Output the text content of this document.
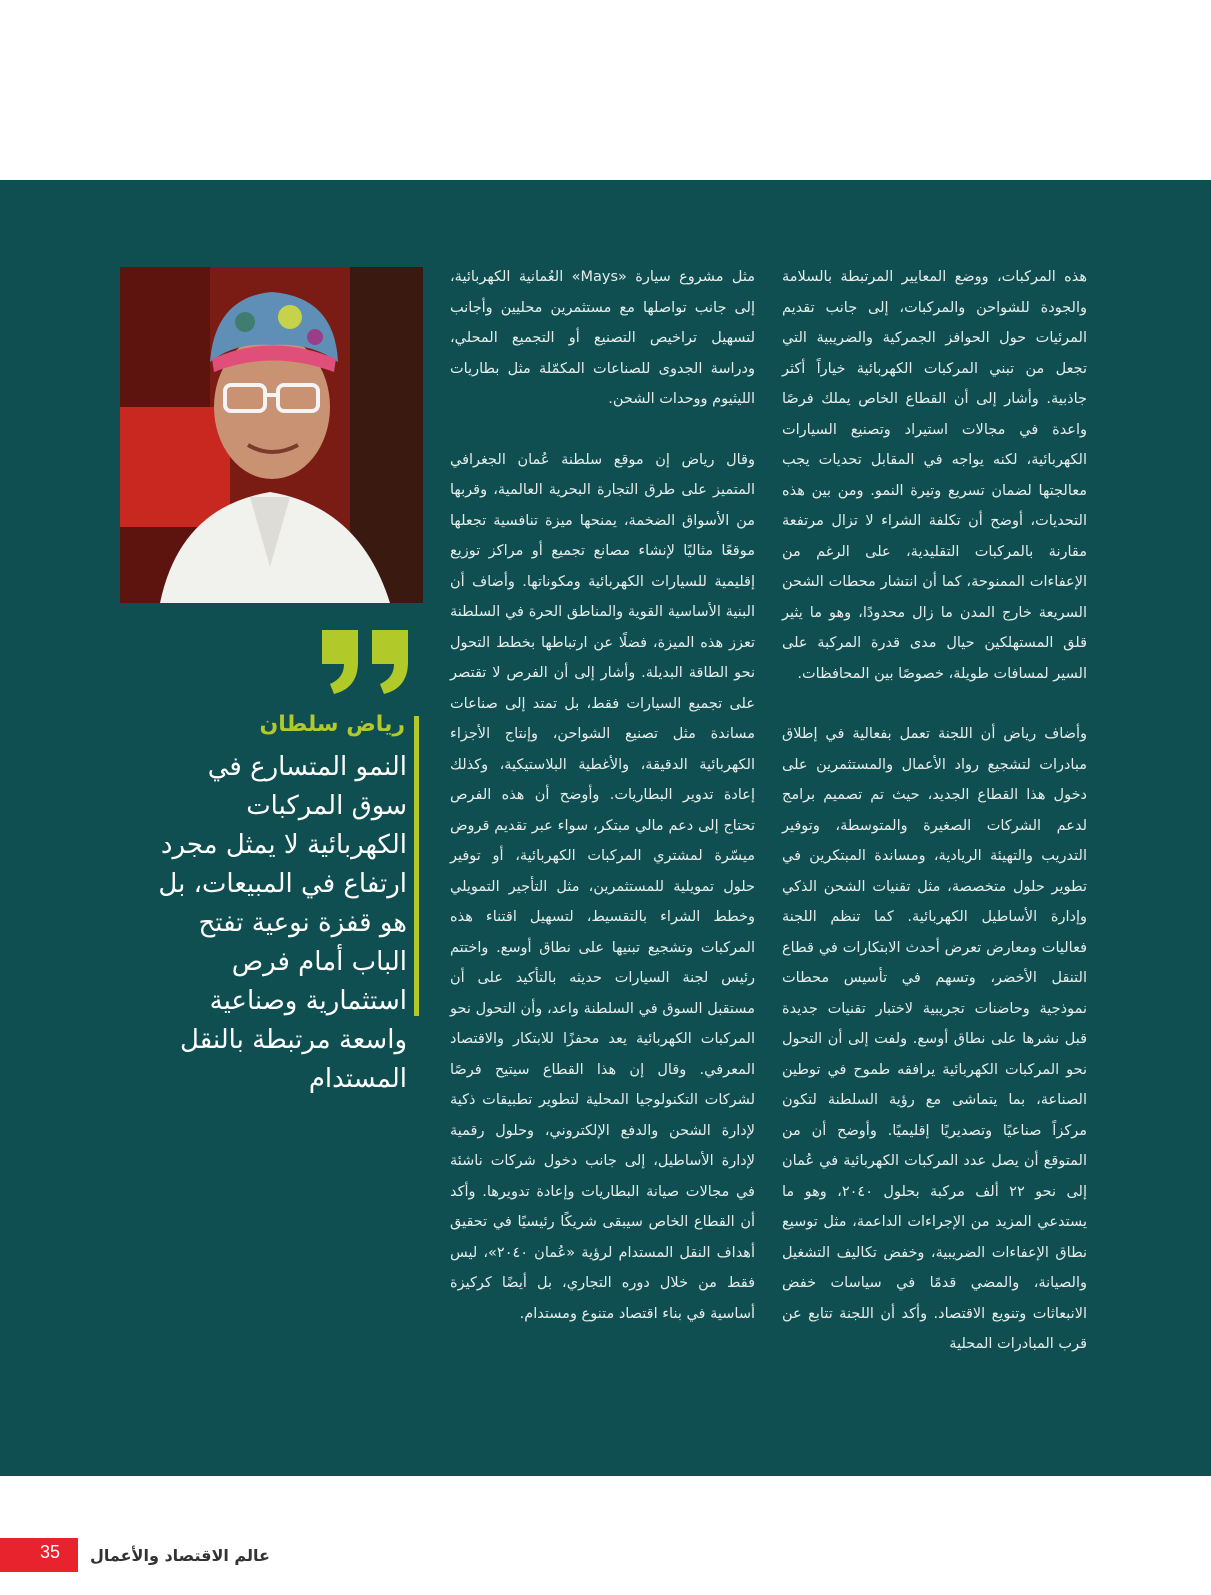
رياض سلطان
النمو المتسارع في سوق المركبات الكهربائية لا يمثل مجرد ارتفاع في المبيعات، بل هو قفزة نوعية تفتح الباب أمام فرص استثمارية وصناعية واسعة مرتبطة بالنقل المستدام

مثل مشروع سيارة «Mays» العُمانية الكهربائية، إلى جانب تواصلها مع مستثمرين محليين وأجانب لتسهيل تراخيص التصنيع أو التجميع المحلي، ودراسة الجدوى للصناعات المكمّلة مثل بطاريات الليثيوم ووحدات الشحن.

وقال رياض إن موقع سلطنة عُمان الجغرافي المتميز على طرق التجارة البحرية العالمية، وقربها من الأسواق الضخمة، يمنحها ميزة تنافسية تجعلها موقعًا مثاليًا لإنشاء مصانع تجميع أو مراكز توزيع إقليمية للسيارات الكهربائية ومكوناتها. وأضاف أن البنية الأساسية القوية والمناطق الحرة في السلطنة تعزز هذه الميزة، فضلًا عن ارتباطها بخطط التحول نحو الطاقة البديلة. وأشار إلى أن الفرص لا تقتصر على تجميع السيارات فقط، بل تمتد إلى صناعات مساندة مثل تصنيع الشواحن، وإنتاج الأجزاء الكهربائية الدقيقة، والأغطية البلاستيكية، وكذلك إعادة تدوير البطاريات. وأوضح أن هذه الفرص تحتاج إلى دعم مالي مبتكر، سواء عبر تقديم قروض ميسّرة لمشتري المركبات الكهربائية، أو توفير حلول تمويلية للمستثمرين، مثل التأجير التمويلي وخطط الشراء بالتقسيط، لتسهيل اقتناء هذه المركبات وتشجيع تبنيها على نطاق أوسع. واختتم رئيس لجنة السيارات حديثه بالتأكيد على أن مستقبل السوق في السلطنة واعد، وأن التحول نحو المركبات الكهربائية يعد محفزًا للابتكار والاقتصاد المعرفي. وقال إن هذا القطاع سيتيح فرصًا لشركات التكنولوجيا المحلية لتطوير تطبيقات ذكية لإدارة الشحن والدفع الإلكتروني، وحلول رقمية لإدارة الأساطيل، إلى جانب دخول شركات ناشئة في مجالات صيانة البطاريات وإعادة تدويرها. وأكد أن القطاع الخاص سيبقى شريكًا رئيسيًا في تحقيق أهداف النقل المستدام لرؤية «عُمان ٢٠٤٠»، ليس فقط من خلال دوره التجاري، بل أيضًا كركيزة أساسية في بناء اقتصاد متنوع ومستدام.

هذه المركبات، ووضع المعايير المرتبطة بالسلامة والجودة للشواحن والمركبات، إلى جانب تقديم المرئيات حول الحوافز الجمركية والضريبية التي تجعل من تبني المركبات الكهربائية خياراً أكثر جاذبية. وأشار إلى أن القطاع الخاص يملك فرصًا واعدة في مجالات استيراد وتصنيع السيارات الكهربائية، لكنه يواجه في المقابل تحديات يجب معالجتها لضمان تسريع وتيرة النمو. ومن بين هذه التحديات، أوضح أن تكلفة الشراء لا تزال مرتفعة مقارنة بالمركبات التقليدية، على الرغم من الإعفاءات الممنوحة، كما أن انتشار محطات الشحن السريعة خارج المدن ما زال محدودًا، وهو ما يثير قلق المستهلكين حيال مدى قدرة المركبة على السير لمسافات طويلة، خصوصًا بين المحافظات.

وأضاف رياض أن اللجنة تعمل بفعالية في إطلاق مبادرات لتشجيع رواد الأعمال والمستثمرين على دخول هذا القطاع الجديد، حيث تم تصميم برامج لدعم الشركات الصغيرة والمتوسطة، وتوفير التدريب والتهيئة الريادية، ومساندة المبتكرين في تطوير حلول متخصصة، مثل تقنيات الشحن الذكي وإدارة الأساطيل الكهربائية. كما تنظم اللجنة فعاليات ومعارض تعرض أحدث الابتكارات في قطاع التنقل الأخضر، وتسهم في تأسيس محطات نموذجية وحاضنات تجريبية لاختبار تقنيات جديدة قبل نشرها على نطاق أوسع. ولفت إلى أن التحول نحو المركبات الكهربائية يرافقه طموح في توطين الصناعة، بما يتماشى مع رؤية السلطنة لتكون مركزاً صناعيًا وتصديريًا إقليميًا. وأوضح أن من المتوقع أن يصل عدد المركبات الكهربائية في عُمان إلى نحو ٢٢ ألف مركبة بحلول ٢٠٤٠، وهو ما يستدعي المزيد من الإجراءات الداعمة، مثل توسيع نطاق الإعفاءات الضريبية، وخفض تكاليف التشغيل والصيانة، والمضي قدمًا في سياسات خفض الانبعاثات وتنويع الاقتصاد. وأكد أن اللجنة تتابع عن قرب المبادرات المحلية

35 عالم الاقتصاد والأعمال
